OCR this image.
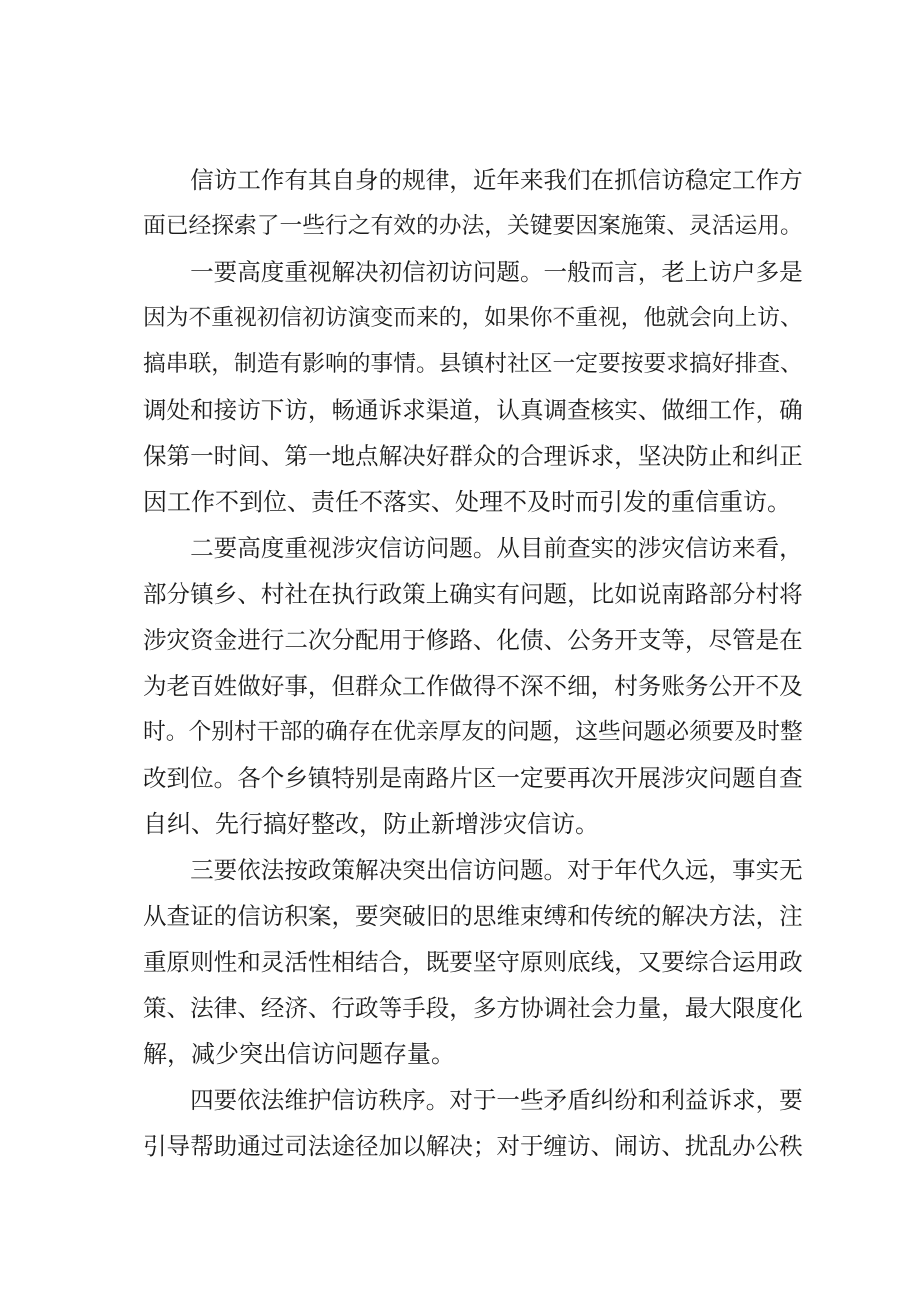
　　信访工作有其自身的规律，近年来我们在抓信访稳定工作方
面已经探索了一些行之有效的办法，关键要因案施策、灵活运用。
　　一要高度重视解决初信初访问题。一般而言，老上访户多是
因为不重视初信初访演变而来的，如果你不重视，他就会向上访、
搞串联，制造有影响的事情。县镇村社区一定要按要求搞好排查、
调处和接访下访，畅通诉求渠道，认真调查核实、做细工作，确
保第一时间、第一地点解决好群众的合理诉求，坚决防止和纠正
因工作不到位、责任不落实、处理不及时而引发的重信重访。
　　二要高度重视涉灾信访问题。从目前查实的涉灾信访来看，
部分镇乡、村社在执行政策上确实有问题，比如说南路部分村将
涉灾资金进行二次分配用于修路、化债、公务开支等，尽管是在
为老百姓做好事，但群众工作做得不深不细，村务账务公开不及
时。个别村干部的确存在优亲厚友的问题，这些问题必须要及时整
改到位。各个乡镇特别是南路片区一定要再次开展涉灾问题自查
自纠、先行搞好整改，防止新增涉灾信访。
　　三要依法按政策解决突出信访问题。对于年代久远，事实无
从查证的信访积案，要突破旧的思维束缚和传统的解决方法，注
重原则性和灵活性相结合，既要坚守原则底线，又要综合运用政
策、法律、经济、行政等手段，多方协调社会力量，最大限度化
解，减少突出信访问题存量。
　　四要依法维护信访秩序。对于一些矛盾纠纷和利益诉求，要
引导帮助通过司法途径加以解决；对于缠访、闹访、扰乱办公秩
